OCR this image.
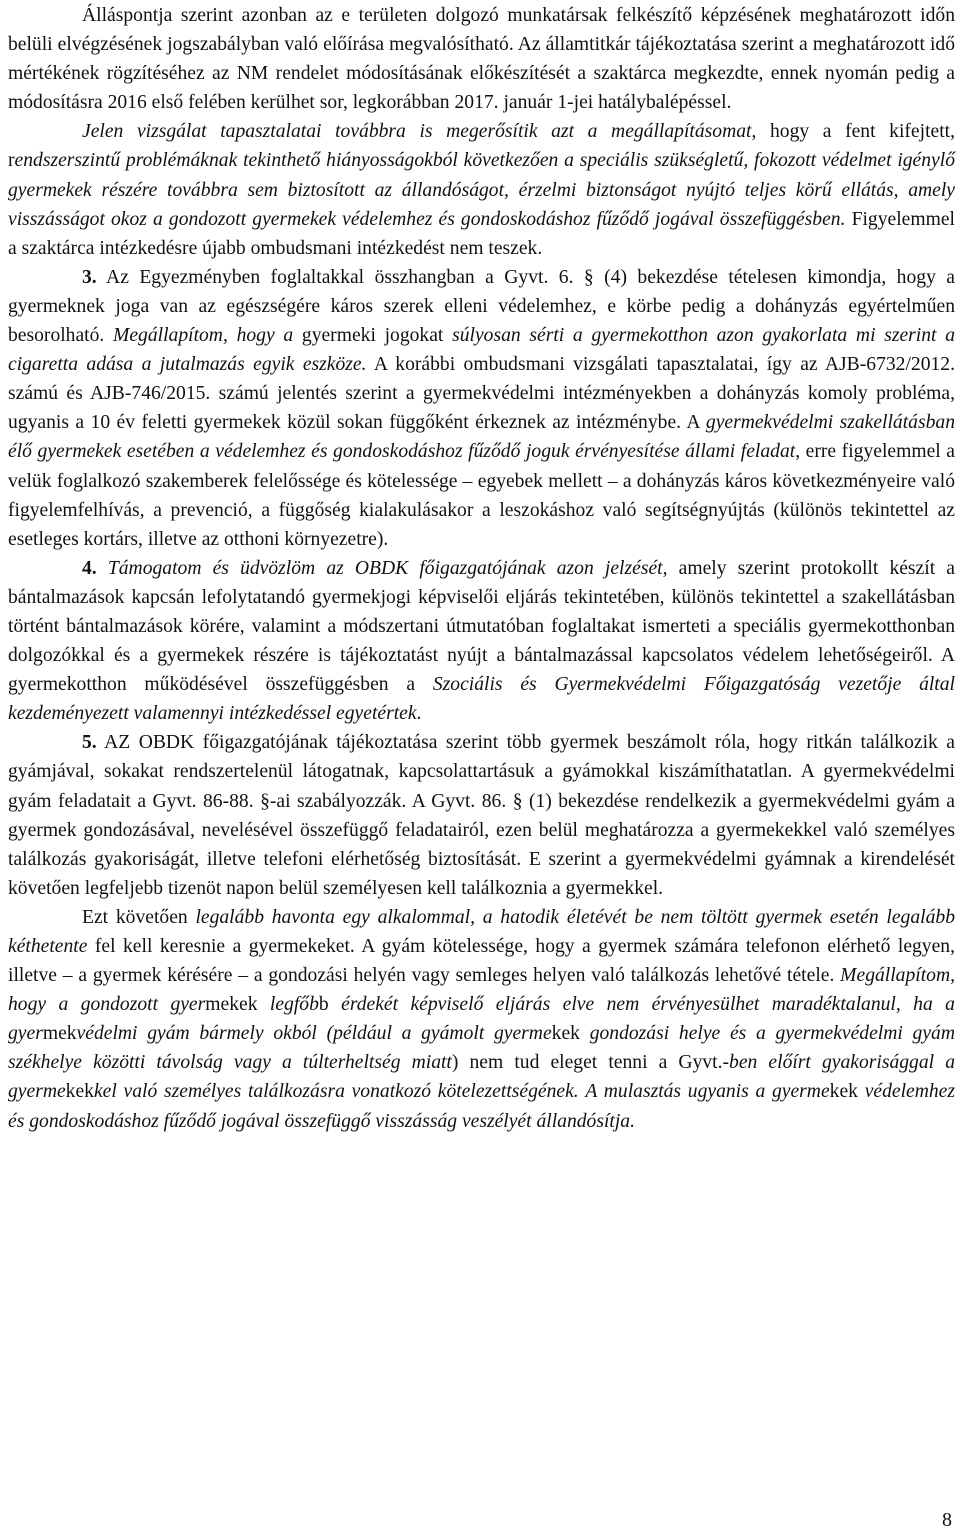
Álláspontja szerint azonban az e területen dolgozó munkatársak felkészítő képzésének meghatározott időn belüli elvégzésének jogszabályban való előírása megvalósítható. Az államtitkár tájékoztatása szerint a meghatározott idő mértékének rögzítéséhez az NM rendelet módosításának előkészítését a szaktárca megkezdte, ennek nyomán pedig a módosításra 2016 első felében kerülhet sor, legkorábban 2017. január 1-jei hatálybalépéssel.

Jelen vizsgálat tapasztalatai továbbra is megerősítik azt a megállapításomat, hogy a fent kifejtett, rendszerszintű problémáknak tekinthető hiányosságokból következően a speciális szükségletű, fokozott védelmet igénylő gyermekek részére továbbra sem biztosított az állandóságot, érzelmi biztonságot nyújtó teljes körű ellátás, amely visszásságot okoz a gondozott gyermekek védelemhez és gondoskodáshoz fűződő jogával összefüggésben. Figyelemmel a szaktárca intézkedésre újabb ombudsmani intézkedést nem teszek.

3. Az Egyezményben foglaltakkal összhangban a Gyvt. 6. § (4) bekezdése tételesen kimondja, hogy a gyermeknek joga van az egészségére káros szerek elleni védelemhez, e körbe pedig a dohányzás egyértelműen besorolható. Megállapítom, hogy a gyermeki jogokat súlyosan sérti a gyermekotthon azon gyakorlata mi szerint a cigaretta adása a jutalmazás egyik eszköze. A korábbi ombudsmani vizsgálati tapasztalatai, így az AJB-6732/2012. számú és AJB-746/2015. számú jelentés szerint a gyermekvédelmi intézményekben a dohányzás komoly probléma, ugyanis a 10 év feletti gyermekek közül sokan függőként érkeznek az intézménybe. A gyermekvédelmi szakellátásban élő gyermekek esetében a védelemhez és gondoskodáshoz fűződő joguk érvényesítése állami feladat, erre figyelemmel a velük foglalkozó szakemberek felelőssége és kötelessége – egyebek mellett – a dohányzás káros következményeire való figyelemfelhívás, a prevenció, a függőség kialakulásakor a leszokáshoz való segítségnyújtás (különös tekintettel az esetleges kortárs, illetve az otthoni környezetre).

4. Támogatom és üdvözlöm az OBDK főigazgatójának azon jelzését, amely szerint protokollt készít a bántalmazások kapcsán lefolytatandó gyermekjogi képviselői eljárás tekintetében, különös tekintettel a szakellátásban történt bántalmazások körére, valamint a módszertani útmutatóban foglaltakat ismerteti a speciális gyermekotthonban dolgozókkal és a gyermekek részére is tájékoztatást nyújt a bántalmazással kapcsolatos védelem lehetőségeiről. A gyermekotthon működésével összefüggésben a Szociális és Gyermekvédelmi Főigazgatóság vezetője által kezdeményezett valamennyi intézkedéssel egyetértek.

5. AZ OBDK főigazgatójának tájékoztatása szerint több gyermek beszámolt róla, hogy ritkán találkozik a gyámjával, sokakat rendszertelenül látogatnak, kapcsolattartásuk a gyámokkal kiszámíthatatlan. A gyermekvédelmi gyám feladatait a Gyvt. 86-88. §-ai szabályozzák. A Gyvt. 86. § (1) bekezdése rendelkezik a gyermekvédelmi gyám a gyermek gondozásával, nevelésével összefüggő feladatairól, ezen belül meghatározza a gyermekekkel való személyes találkozás gyakoriságát, illetve telefoni elérhetőség biztosítását. E szerint a gyermekvédelmi gyámnak a kirendelését követően legfeljebb tizenöt napon belül személyesen kell találkoznia a gyermekkel.

Ezt követően legalább havonta egy alkalommal, a hatodik életévét be nem töltött gyermek esetén legalább kéthetente fel kell keresnie a gyermekeket. A gyám kötelessége, hogy a gyermek számára telefonon elérhető legyen, illetve – a gyermek kérésére – a gondozási helyén vagy semleges helyen való találkozás lehetővé tétele. Megállapítom, hogy a gondozott gyermekek legfőbb érdekét képviselő eljárás elve nem érvényesülhet maradéktalanul, ha a gyermekvédelmi gyám bármely okból (például a gyámolt gyermekek gondozási helye és a gyermekvédelmi gyám székhelye közötti távolság vagy a túlterheltség miatt) nem tud eleget tenni a Gyvt.-ben előírt gyakorisággal a gyermekekkel való személyes találkozásra vonatkozó kötelezettségének. A mulasztás ugyanis a gyermekek védelemhez és gondoskodáshoz fűződő jogával összefüggő visszásság veszélyét állandósítja.

8
